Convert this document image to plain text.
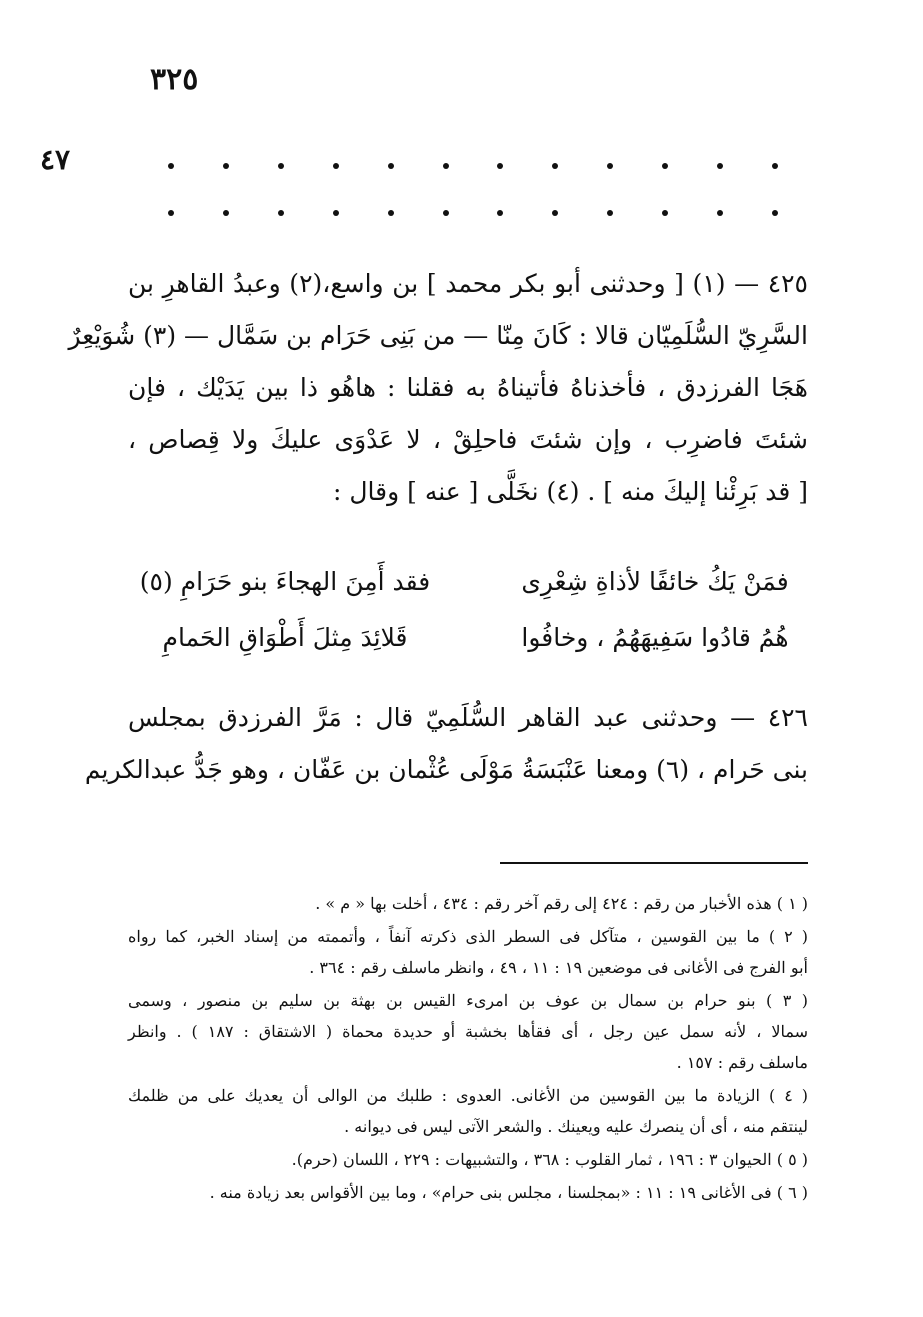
٣٢٥
٤٧
٤٢٥ — (١) [ وحدثنى أبو بكر محمد ] بن واسع،(٢) وعبدُ القاهرِ بن
السَّرِيّ السُّلَمِيّان قالا : كَانَ مِنّا — من بَنِى حَرَام بن سَمَّال — (٣) شُوَيْعِرٌ
هَجَا الفرزدق ، فأخذناهُ فأتيناهُ به فقلنا : هاهُو ذا بين يَدَيْك ، فإن
شئتَ فاضرِب ، وإن شئتَ فاحلِقْ ، لا عَدْوَى عليكَ ولا قِصاص ،
[ قد بَرِئْنا إليكَ منه ] . (٤) نخَلَّى [ عنه ] وقال :
فمَنْ يَكُ خائفًا لأذاةِ شِعْرِى
فقد أَمِنَ الهجاءَ بنو حَرَامِ (٥)
هُمُ قادُوا سَفِيهَهُمُ ، وخافُوا
قَلائِدَ مِثلَ أَطْوَاقِ الحَمامِ
٤٢٦ — وحدثنى عبد القاهر السُّلَمِيّ قال : مَرَّ الفرزدق بمجلس
بنى حَرام ، (٦) ومعنا عَنْبَسَةُ مَوْلَى عُثْمان بن عَفّان ، وهو جَدُّ عبدالكريم
( ١ ) هذه الأخبار من رقم : ٤٢٤ إلى رقم آخر رقم : ٤٣٤ ، أخلت بها « م » .
( ٢ ) ما بين القوسين ، متآكل فى السطر الذى ذكرته آنفاً ، وأتممته من إسناد الخبر، كما رواه
أبو الفرج فى الأغانى فى موضعين ١٩ : ١١ ، ٤٩ ، وانظر ماسلف رقم : ٣٦٤ .
( ٣ ) بنو حرام بن سمال بن عوف بن امرىء القيس بن بهثة بن سليم بن منصور ، وسمى
سمالا ، لأنه سمل عين رجل ، أى فقأها بخشبة أو حديدة محماة ( الاشتقاق : ١٨٧ ) . وانظر
ماسلف رقم : ١٥٧ .
( ٤ ) الزيادة ما بين القوسين من الأغانى. العدوى : طلبك من الوالى أن يعديك على من ظلمك
لينتقم منه ، أى أن ينصرك عليه ويعينك . والشعر الآتى ليس فى ديوانه .
( ٥ ) الحيوان ٣ : ١٩٦ ، ثمار القلوب : ٣٦٨ ، والتشبيهات : ٢٢٩ ، اللسان (حرم).
( ٦ ) فى الأغانى ١٩ : ١١ : «بمجلسنا ، مجلس بنى حرام» ، وما بين الأقواس بعد زيادة منه .
